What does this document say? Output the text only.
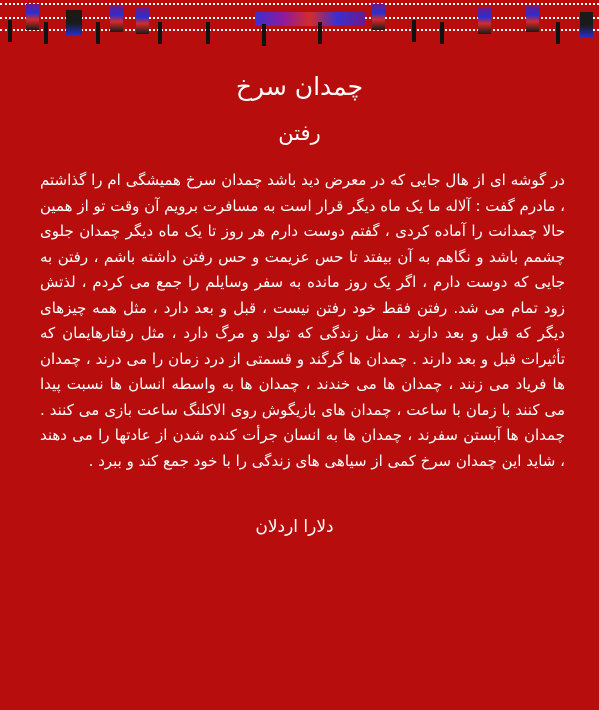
چمدان سرخ
رفتن

در گوشه ای از هال جایی که در معرض دید باشد چمدان سرخ همیشگی ام را گذاشتم ، مادرم گفت : آلاله ما یک ماه دیگر قرار است به مسافرت برویم آن وقت تو از همین حالا چمدانت را آماده کردی ، گفتم دوست دارم هر روز تا یک ماه دیگر چمدان جلوی چشمم باشد و نگاهم به آن بیفتد تا حس عزیمت و حس رفتن داشته باشم ، رفتن به جایی که دوست دارم ، اگر یک روز مانده به سفر وسایلم را جمع می کردم ، لذتش زود تمام می شد. رفتن فقط خود رفتن نیست ، قبل و بعد دارد ، مثل همه چیزهای دیگر که قبل و بعد دارند ، مثل زندگی که تولد و مرگ دارد ، مثل رفتارهایمان که تأثیرات قبل و بعد دارند . چمدان ها گرگند و قسمتی از درد زمان را می درند ، چمدان ها فریاد می زنند ، چمدان ها می خندند ، چمدان ها به واسطه انسان ها نسبت پیدا می کنند با زمان با ساعت ، چمدان های بازیگوش روی الاکلنگ ساعت بازی می کنند . چمدان ها آبستن سفرند ، چمدان ها به انسان جرأت کنده شدن از عادتها را می دهند ، شاید این چمدان سرخ کمی از سیاهی های زندگی را با خود جمع کند و ببرد .

دلارا اردلان
